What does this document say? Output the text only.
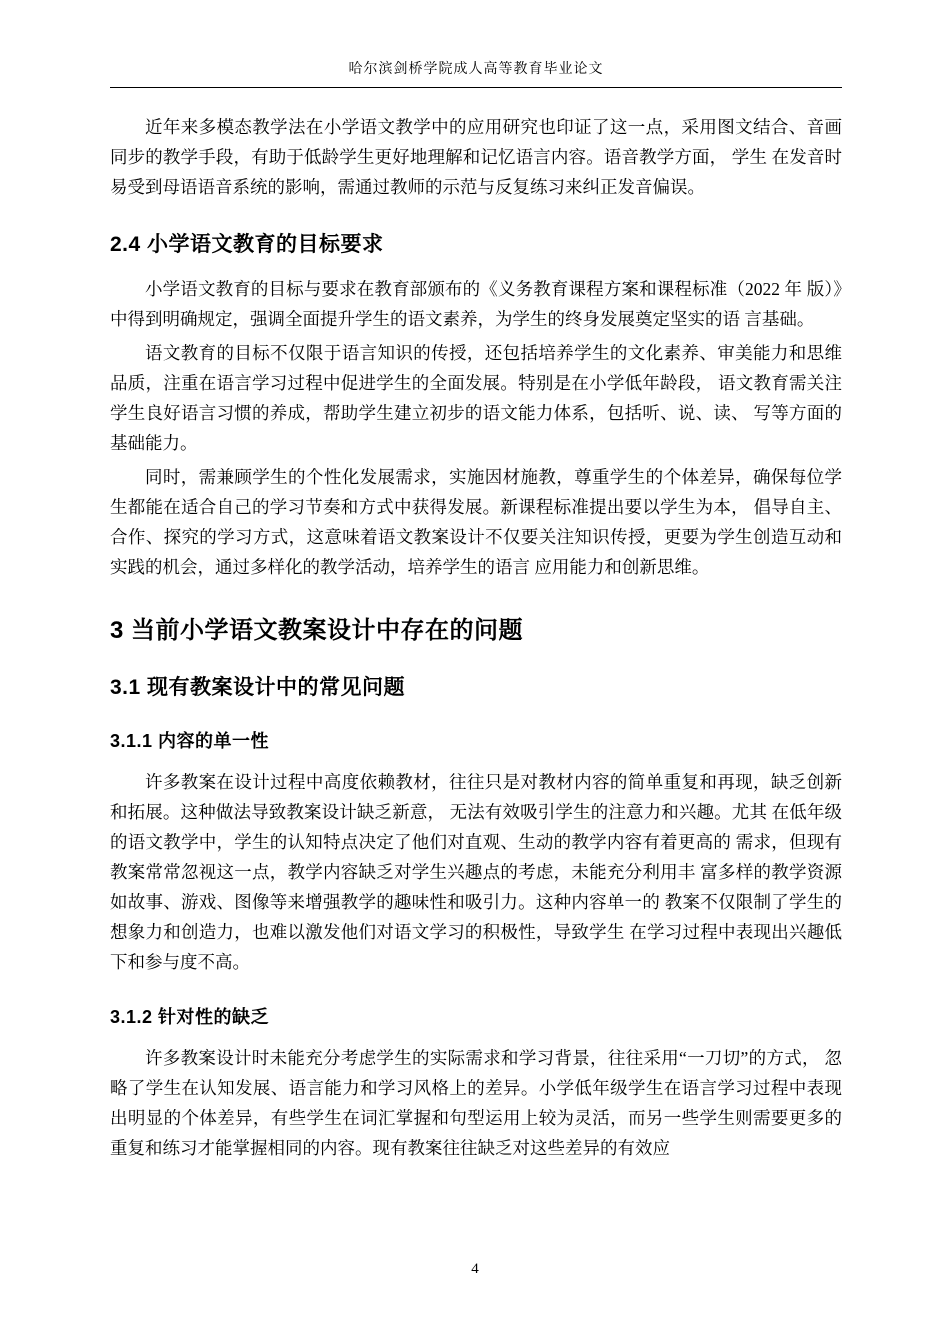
哈尔滨剑桥学院成人高等教育毕业论文

近年来多模态教学法在小学语文教学中的应用研究也印证了这一点，采用图文结合、音画同步的教学手段，有助于低龄学生更好地理解和记忆语言内容。语音教学方面， 学生 在发音时易受到母语语音系统的影响，需通过教师的示范与反复练习来纠正发音偏误。

2.4 小学语文教育的目标要求

小学语文教育的目标与要求在教育部颁布的《义务教育课程方案和课程标准（2022 年 版）》中得到明确规定，强调全面提升学生的语文素养，为学生的终身发展奠定坚实的语 言基础。

语文教育的目标不仅限于语言知识的传授，还包括培养学生的文化素养、审美能力和思维品质，注重在语言学习过程中促进学生的全面发展。特别是在小学低年龄段， 语文教育需关注学生良好语言习惯的养成，帮助学生建立初步的语文能力体系，包括听、说、读、 写等方面的基础能力。

同时，需兼顾学生的个性化发展需求，实施因材施教，尊重学生的个体差异，确保每位学生都能在适合自己的学习节奏和方式中获得发展。新课程标准提出要以学生为本， 倡导自主、合作、探究的学习方式，这意味着语文教案设计不仅要关注知识传授，更要为学生创造互动和实践的机会，通过多样化的教学活动，培养学生的语言 应用能力和创新思维。

3 当前小学语文教案设计中存在的问题
3.1 现有教案设计中的常见问题
3.1.1 内容的单一性

许多教案在设计过程中高度依赖教材，往往只是对教材内容的简单重复和再现，缺乏创新和拓展。这种做法导致教案设计缺乏新意， 无法有效吸引学生的注意力和兴趣。尤其 在低年级的语文教学中，学生的认知特点决定了他们对直观、生动的教学内容有着更高的 需求，但现有教案常常忽视这一点，教学内容缺乏对学生兴趣点的考虑，未能充分利用丰 富多样的教学资源如故事、游戏、图像等来增强教学的趣味性和吸引力。这种内容单一的 教案不仅限制了学生的想象力和创造力，也难以激发他们对语文学习的积极性，导致学生 在学习过程中表现出兴趣低下和参与度不高。

3.1.2 针对性的缺乏

许多教案设计时未能充分考虑学生的实际需求和学习背景，往往采用“一刀切”的方式， 忽略了学生在认知发展、语言能力和学习风格上的差异。小学低年级学生在语言学习过程中表现出明显的个体差异，有些学生在词汇掌握和句型运用上较为灵活，而另一些学生则需要更多的重复和练习才能掌握相同的内容。现有教案往往缺乏对这些差异的有效应

4
